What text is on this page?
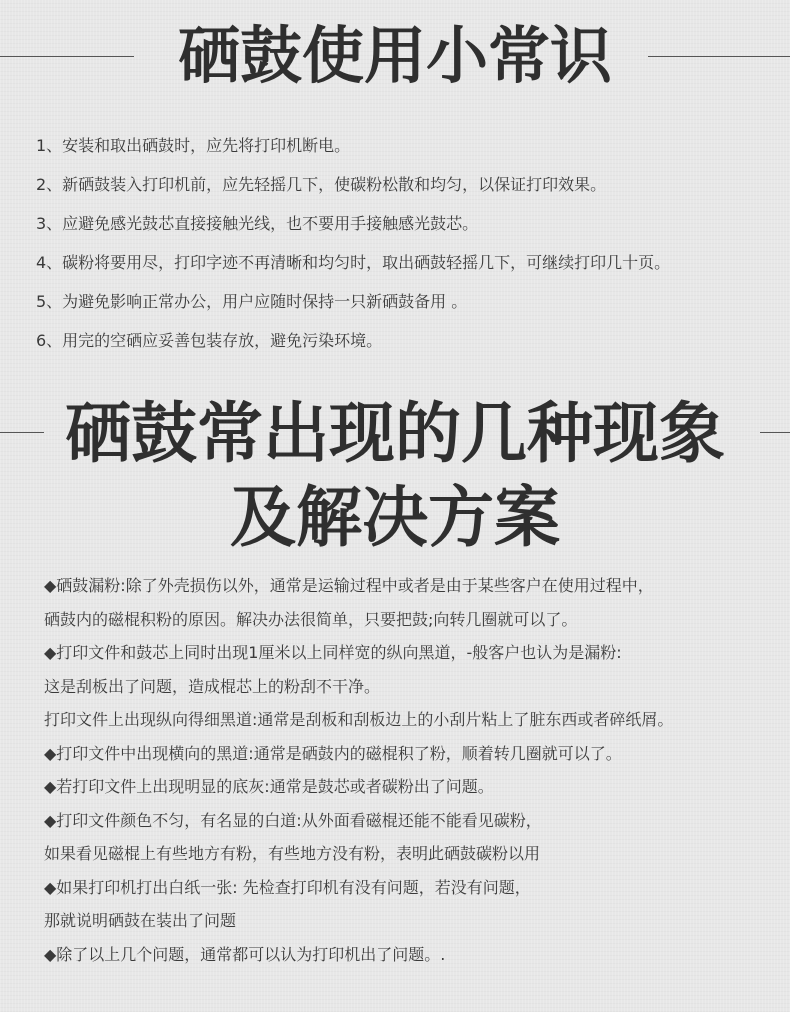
硒鼓使用小常识
1、安装和取出硒鼓时，应先将打印机断电。
2、新硒鼓装入打印机前，应先轻摇几下，使碳粉松散和均匀，以保证打印效果。
3、应避免感光鼓芯直接接触光线，也不要用手接触感光鼓芯。
4、碳粉将要用尽，打印字迹不再清晰和均匀时，取出硒鼓轻摇几下，可继续打印几十页。
5、为避免影响正常办公，用户应随时保持一只新硒鼓备用 。
6、用完的空硒应妥善包装存放，避免污染环境。
硒鼓常出现的几种现象
及解决方案
◆硒鼓漏粉:除了外壳损伤以外，通常是运输过程中或者是由于某些客户在使用过程中，
硒鼓内的磁棍积粉的原因。解决办法很简单，只要把鼓;向转几圈就可以了。
◆打印文件和鼓芯上同时出现1厘米以上同样宽的纵向黑道，-般客户也认为是漏粉:
这是刮板出了问题，造成棍芯上的粉刮不干净。
打印文件上出现纵向得细黑道:通常是刮板和刮板边上的小刮片粘上了脏东西或者碎纸屑。
◆打印文件中出现横向的黑道:通常是硒鼓内的磁棍积了粉，顺着转几圈就可以了。
◆若打印文件上出现明显的底灰:通常是鼓芯或者碳粉出了问题。
◆打印文件颜色不匀，有名显的白道:从外面看磁棍还能不能看见碳粉，
如果看见磁棍上有些地方有粉，有些地方没有粉，表明此硒鼓碳粉以用
◆如果打印机打出白纸一张: 先检查打印机有没有问题，若没有问题，
那就说明硒鼓在装出了问题
◆除了以上几个问题，通常都可以认为打印机出了问题。.
